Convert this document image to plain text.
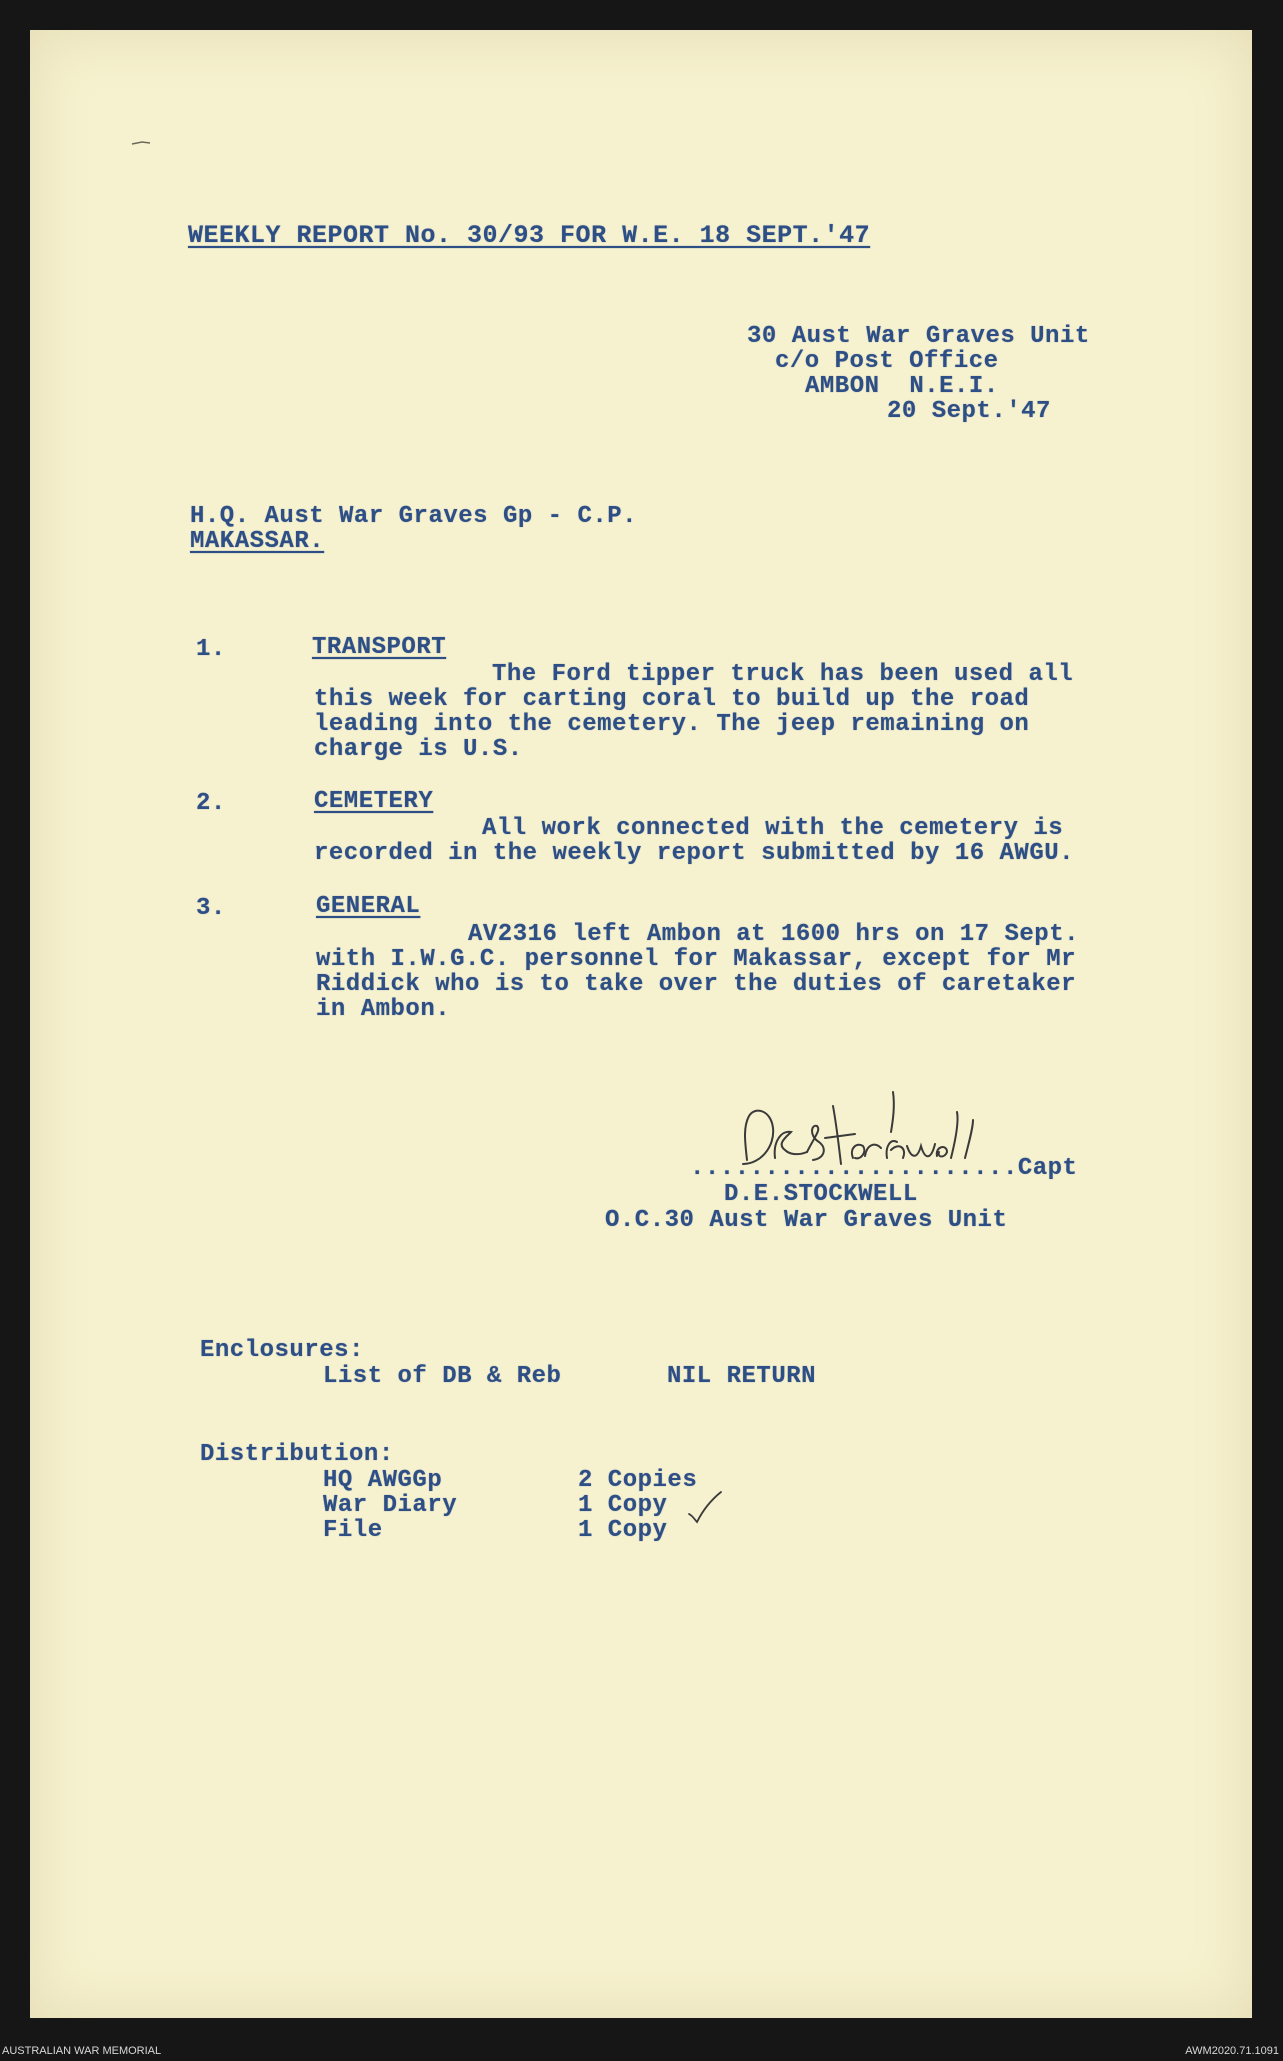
WEEKLY REPORT No. 30/93 FOR W.E. 18 SEPT.'47
30 Aust War Graves Unit
c/o Post Office
AMBON  N.E.I.
20 Sept.'47
H.Q. Aust War Graves Gp - C.P.
MAKASSAR.
1.	TRANSPORT
The Ford tipper truck has been used all
this week for carting coral to build up the road
leading into the cemetery. The jeep remaining on
charge is U.S.
2.	CEMETERY
All work connected with the cemetery is
recorded in the weekly report submitted by 16 AWGU.
3.	GENERAL
AV2316 left Ambon at 1600 hrs on 17 Sept.
with I.W.G.C. personnel for Makassar, except for Mr
Riddick who is to take over the duties of caretaker
in Ambon.
......................Capt
D.E.STOCKWELL
O.C.30 Aust War Graves Unit
Enclosures:
List of DB & Reb	NIL RETURN
Distribution:
HQ AWGGp	2 Copies
War Diary	1 Copy
File	1 Copy
AUSTRALIAN WAR MEMORIAL	AWM2020.71.1091
